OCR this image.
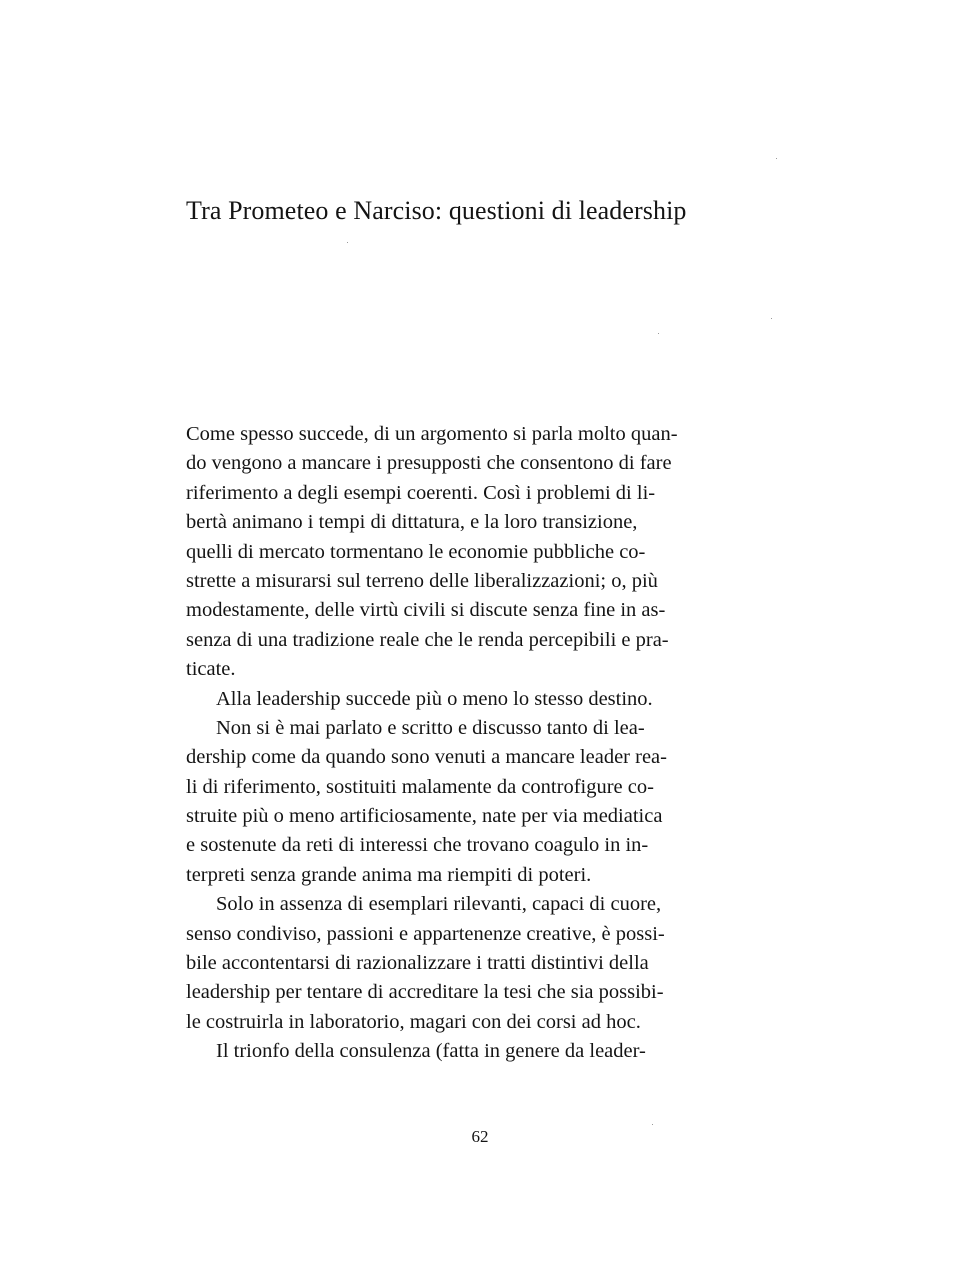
Tra Prometeo e Narciso: questioni di leadership
Come spesso succede, di un argomento si parla molto quan-
do vengono a mancare i presupposti che consentono di fare
riferimento a degli esempi coerenti. Così i problemi di li-
bertà animano i tempi di dittatura, e la loro transizione,
quelli di mercato tormentano le economie pubbliche co-
strette a misurarsi sul terreno delle liberalizzazioni; o, più
modestamente, delle virtù civili si discute senza fine in as-
senza di una tradizione reale che le renda percepibili e pra-
ticate.
Alla leadership succede più o meno lo stesso destino.
Non si è mai parlato e scritto e discusso tanto di lea-
dership come da quando sono venuti a mancare leader rea-
li di riferimento, sostituiti malamente da controfigure co-
struite più o meno artificiosamente, nate per via mediatica
e sostenute da reti di interessi che trovano coagulo in in-
terpreti senza grande anima ma riempiti di poteri.
Solo in assenza di esemplari rilevanti, capaci di cuore,
senso condiviso, passioni e appartenenze creative, è possi-
bile accontentarsi di razionalizzare i tratti distintivi della
leadership per tentare di accreditare la tesi che sia possibi-
le costruirla in laboratorio, magari con dei corsi ad hoc.
Il trionfo della consulenza (fatta in genere da leader-
62
